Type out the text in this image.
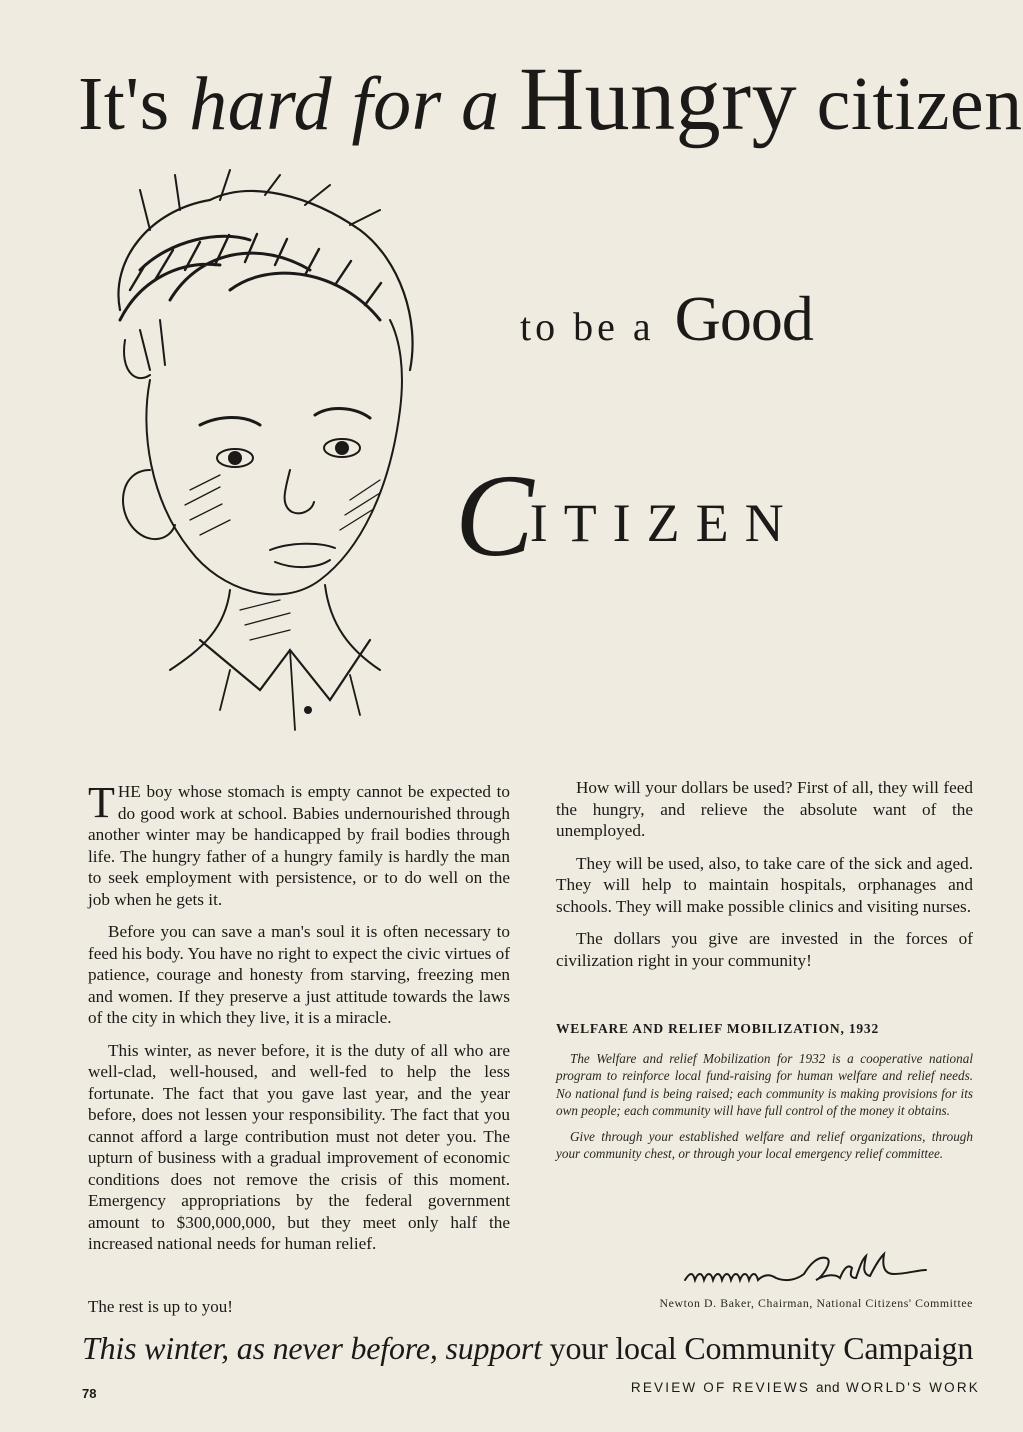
It's hard for a Hungry citizen
to be a Good
CITIZEN

THE boy whose stomach is empty cannot be expected to do good work at school. Babies undernourished through another winter may be handicapped by frail bodies through life. The hungry father of a hungry family is hardly the man to seek employment with persistence, or to do well on the job when he gets it.

Before you can save a man's soul it is often necessary to feed his body. You have no right to expect the civic virtues of patience, courage and honesty from starving, freezing men and women. If they preserve a just attitude towards the laws of the city in which they live, it is a miracle.

This winter, as never before, it is the duty of all who are well-clad, well-housed, and well-fed to help the less fortunate. The fact that you gave last year, and the year before, does not lessen your responsibility. The fact that you cannot afford a large contribution must not deter you. The upturn of business with a gradual improvement of economic conditions does not remove the crisis of this moment. Emergency appropriations by the federal government amount to $300,000,000, but they meet only half the increased national needs for human relief.

The rest is up to you!

How will your dollars be used? First of all, they will feed the hungry, and relieve the absolute want of the unemployed.

They will be used, also, to take care of the sick and aged. They will help to maintain hospitals, orphanages and schools. They will make possible clinics and visiting nurses.

The dollars you give are invested in the forces of civilization right in your community!

WELFARE AND RELIEF MOBILIZATION, 1932

The Welfare and relief Mobilization for 1932 is a cooperative national program to reinforce local fund-raising for human welfare and relief needs. No national fund is being raised; each community is making provisions for its own people; each community will have full control of the money it obtains.

Give through your established welfare and relief organizations, through your community chest, or through your local emergency relief committee.

Newton D. Baker, Chairman, National Citizens' Committee
This winter, as never before, support your local Community Campaign
78	REVIEW OF REVIEWS and WORLD'S WORK
